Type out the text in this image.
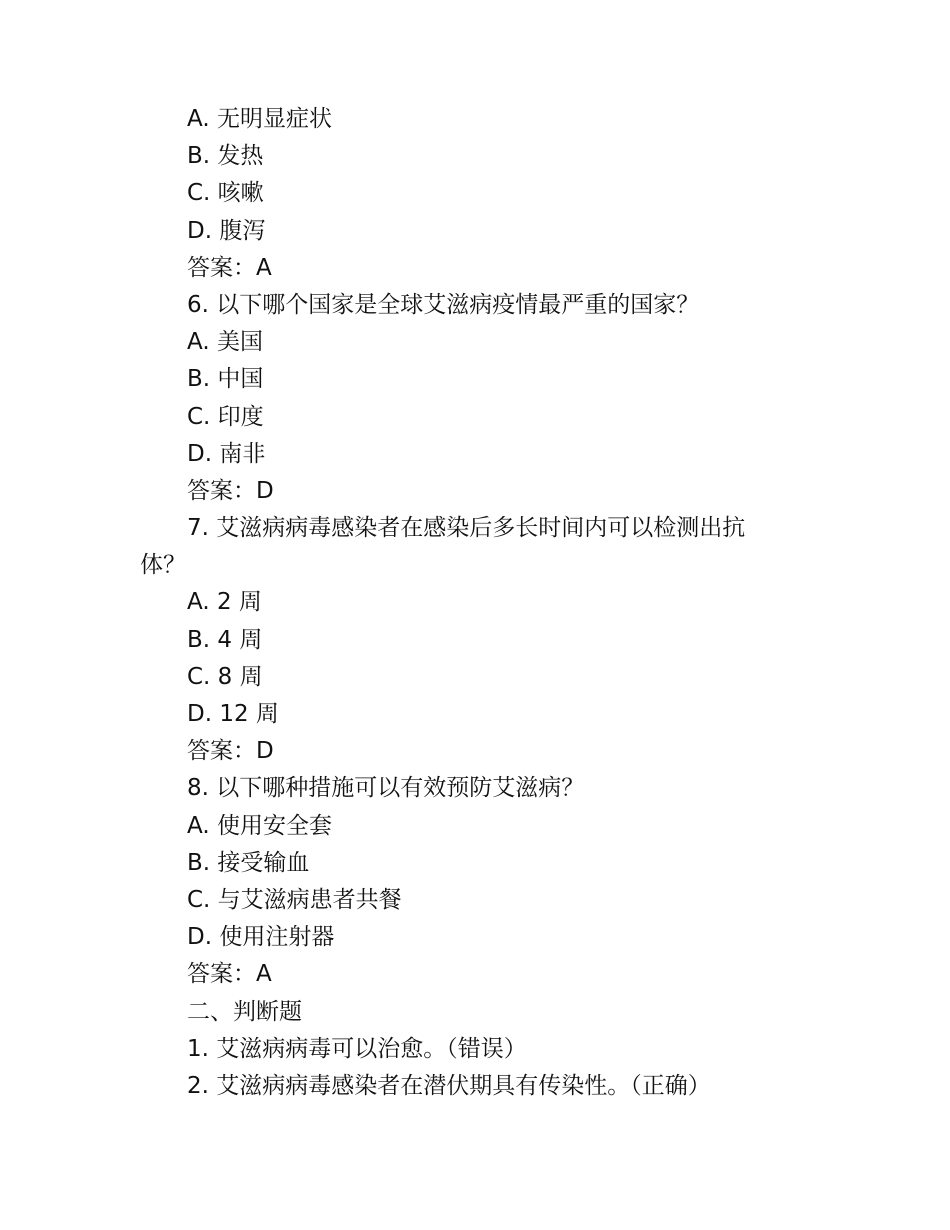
A. 无明显症状
B. 发热
C. 咳嗽
D. 腹泻
答案：A
6. 以下哪个国家是全球艾滋病疫情最严重的国家？
A. 美国
B. 中国
C. 印度
D. 南非
答案：D
7. 艾滋病病毒感染者在感染后多长时间内可以检测出抗
体？
A. 2 周
B. 4 周
C. 8 周
D. 12 周
答案：D
8. 以下哪种措施可以有效预防艾滋病？
A. 使用安全套
B. 接受输血
C. 与艾滋病患者共餐
D. 使用注射器
答案：A
二、判断题
1. 艾滋病病毒可以治愈。（错误）
2. 艾滋病病毒感染者在潜伏期具有传染性。（正确）
